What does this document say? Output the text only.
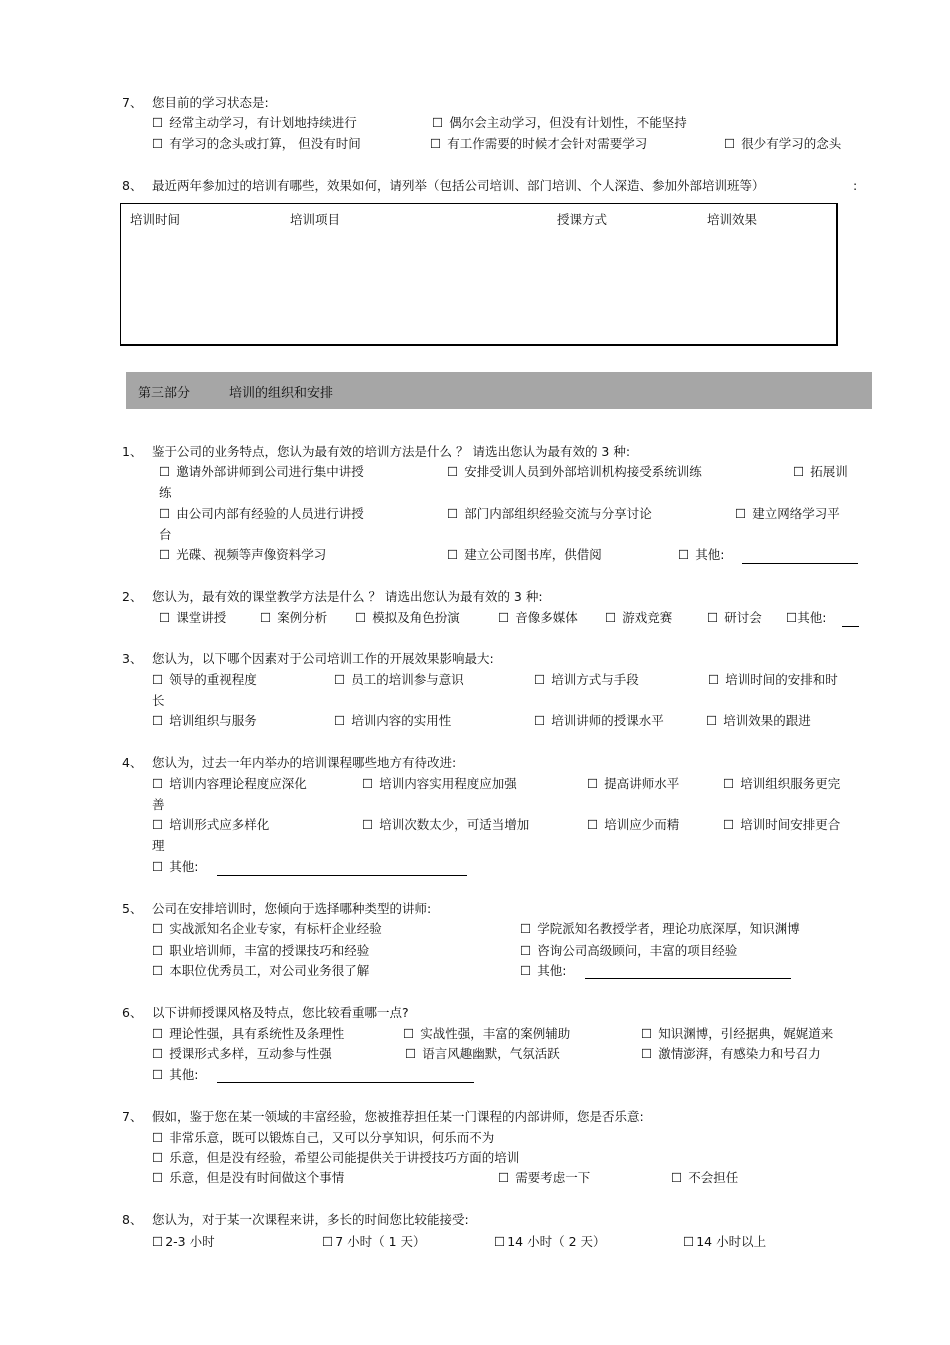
7、 您目前的学习状态是:
☐ 经常主动学习，有计划地持续进行	☐ 偶尔会主动学习，但没有计划性，不能坚持
☐ 有学习的念头或打算， 但没有时间	☐ 有工作需要的时候才会针对需要学习	☐ 很少有学习的念头
8、 最近两年参加过的培训有哪些，效果如何，请列举（包括公司培训、部门培训、个人深造、参加外部培训班等）	:
培训时间	培训项目	授课方式	培训效果
第三部分	培训的组织和安排
1、 鉴于公司的业务特点，您认为最有效的培训方法是什么 ？ 请选出您认为最有效的 3 种:
☐ 邀请外部讲师到公司进行集中讲授	☐ 安排受训人员到外部培训机构接受系统训练	☐ 拓展训
练
☐ 由公司内部有经验的人员进行讲授	☐ 部门内部组织经验交流与分享讨论	☐ 建立网络学习平
台
☐ 光碟、视频等声像资料学习	☐ 建立公司图书库，供借阅	☐ 其他:
2、 您认为，最有效的课堂教学方法是什么 ？ 请选出您认为最有效的 3 种:
☐ 课堂讲授	☐ 案例分析 ☐ 模拟及角色扮演	☐ 音像多媒体 ☐ 游戏竞赛	☐ 研讨会 ☐其他:
3、 您认为，以下哪个因素对于公司培训工作的开展效果影响最大:
☐ 领导的重视程度	☐ 员工的培训参与意识	☐ 培训方式与手段	☐ 培训时间的安排和时
长
☐ 培训组织与服务	☐ 培训内容的实用性	☐ 培训讲师的授课水平	☐ 培训效果的跟进
4、 您认为，过去一年内举办的培训课程哪些地方有待改进:
☐ 培训内容理论程度应深化	☐ 培训内容实用程度应加强	☐ 提高讲师水平	☐ 培训组织服务更完
善
☐ 培训形式应多样化	☐ 培训次数太少，可适当增加	☐ 培训应少而精	☐ 培训时间安排更合
理
☐ 其他:
5、 公司在安排培训时，您倾向于选择哪种类型的讲师:
☐ 实战派知名企业专家，有标杆企业经验	☐ 学院派知名教授学者，理论功底深厚，知识渊博
☐ 职业培训师，丰富的授课技巧和经验	☐ 咨询公司高级顾问，丰富的项目经验
☐ 本职位优秀员工，对公司业务很了解	☐ 其他:
6、 以下讲师授课风格及特点，您比较看重哪一点?
☐ 理论性强，具有系统性及条理性	☐ 实战性强，丰富的案例辅助	☐ 知识渊博，引经据典，娓娓道来
☐ 授课形式多样，互动参与性强	☐ 语言风趣幽默，气氛活跃	☐ 激情澎湃，有感染力和号召力
☐ 其他:
7、 假如，鉴于您在某一领域的丰富经验，您被推荐担任某一门课程的内部讲师，您是否乐意:
☐ 非常乐意，既可以锻炼自己，又可以分享知识，何乐而不为
☐ 乐意，但是没有经验，希望公司能提供关于讲授技巧方面的培训
☐ 乐意，但是没有时间做这个事情	☐ 需要考虑一下	☐ 不会担任
8、 您认为，对于某一次课程来讲，多长的时间您比较能接受:
☐ 2-3 小时	☐ 7 小时（ 1 天）	☐ 14 小时（ 2 天）	☐ 14 小时以上
